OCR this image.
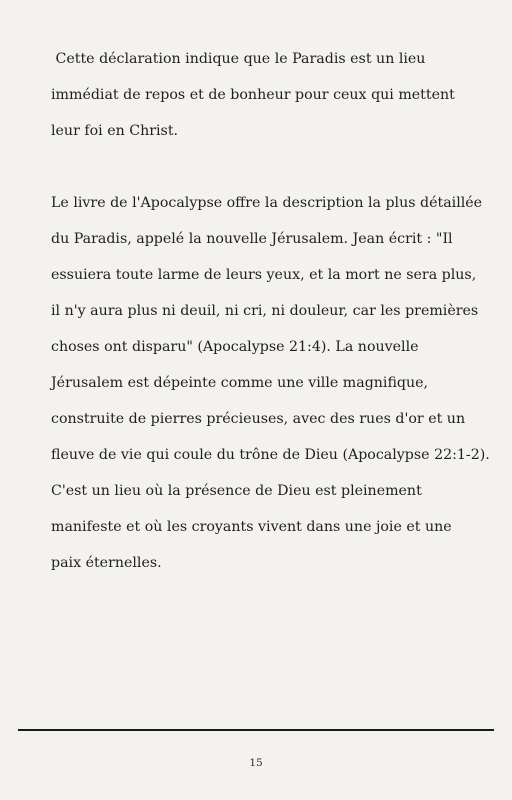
Cette déclaration indique que le Paradis est un lieu
immédiat de repos et de bonheur pour ceux qui mettent
leur foi en Christ.
Le livre de l'Apocalypse offre la description la plus détaillée
du Paradis, appelé la nouvelle Jérusalem. Jean écrit : "Il
essuiera toute larme de leurs yeux, et la mort ne sera plus,
il n'y aura plus ni deuil, ni cri, ni douleur, car les premières
choses ont disparu" (Apocalypse 21:4). La nouvelle
Jérusalem est dépeinte comme une ville magnifique,
construite de pierres précieuses, avec des rues d'or et un
fleuve de vie qui coule du trône de Dieu (Apocalypse 22:1-2).
C'est un lieu où la présence de Dieu est pleinement
manifeste et où les croyants vivent dans une joie et une
paix éternelles.
15
